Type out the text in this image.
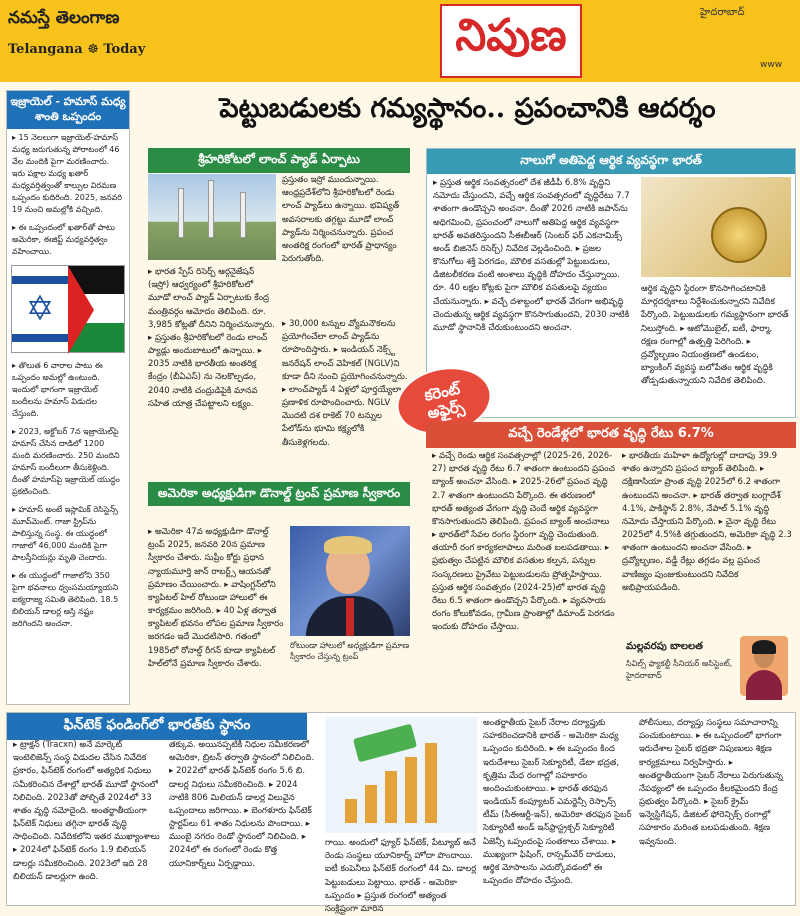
నమస్తే తెలంగాణ
Telangana ☸ Today	నిపుణ	హైదరాబాద్
www
ఇజ్రాయెల్ - హమాస్ మధ్య శాంతి ఒప్పందం

▸ 15 నెలలుగా ఇజ్రాయెల్-హమాస్ మధ్య జరుగుతున్న పోరాటంలో 46 వేల మందికి పైగా మరణించారు. ఇరు పక్షాల మధ్య ఖతార్ మధ్యవర్తిత్వంతో కాల్పుల విరమణ ఒప్పందం కుదిరింది. 2025, జనవరి 19 నుంచి అమల్లోకి వచ్చింది.

▸ ఈ ఒప్పందంలో ఖతార్‌తో పాటు అమెరికా, ఈజిప్ట్ మధ్యవర్తిత్వం వహించాయి.

✡

▸ తొలుత 6 వారాల పాటు ఈ ఒప్పందం అమల్లో ఉంటుంది. ఇందులో భాగంగా ఇజ్రాయెల్ బందీలను హమాస్ విడుదల చేస్తుంది.

▸ 2023, అక్టోబర్ 7న ఇజ్రాయెల్‌పై హమాస్ చేసిన దాడిలో 1200 మంది మరణించారు. 250 మందిని హమాస్ బందీలుగా తీసుకెళ్లింది. దీంతో హమాస్‌పై ఇజ్రాయెల్ యుద్ధం ప్రకటించింది.

▸ హమాస్ అంటే ఇస్లామిక్ రెసిస్టెన్స్ మూవ్‌మెంట్. గాజా స్ట్రిప్‌ను పాలిస్తున్న సంస్థ. ఈ యుద్ధంలో గాజాలో 46,000 మందికి పైగా పాలస్తీనియన్లు మృతి చెందారు.

▸ ఈ యుద్ధంలో గాజాలోని 350 పైగా భవనాలు ధ్వంసమయ్యాయని ఐక్యరాజ్య సమితి తెలిపింది. 18.5 బిలియన్ డాలర్ల ఆస్తి నష్టం జరిగిందని అంచనా.

పెట్టుబడులకు గమ్యస్థానం.. ప్రపంచానికి ఆదర్శం
శ్రీహరికోటలో లాంచ్ ప్యాడ్ ఏర్పాటు
ప్రస్తుతం ఇస్రో ముందున్నాయి. ఆంధ్రప్రదేశ్‌లోని శ్రీహరికోటలో రెండు లాంచ్ ప్యాడ్‌లు ఉన్నాయి. భవిష్యత్ అవసరాలకు తగ్గట్టు మూడో లాంచ్ ప్యాడ్‌ను నిర్మించనున్నారు. ప్రపంచ అంతరిక్ష రంగంలో భారత్ ప్రాధాన్యం పెరుగుతోంది.
▸ భారత స్పేస్ రిసెర్చ్ ఆర్గనైజేషన్ (ఇస్రో) ఆధ్వర్యంలో శ్రీహరికోటలో మూడో లాంచ్ ప్యాడ్ ఏర్పాటుకు కేంద్ర మంత్రివర్గం ఆమోదం తెలిపింది. రూ. 3,985 కోట్లతో దీనిని నిర్మించనున్నారు. ▸ ప్రస్తుతం శ్రీహరికోటలో రెండు లాంచ్ ప్యాడ్లు అందుబాటులో ఉన్నాయి. ▸ 2035 నాటికి భారతీయ అంతరిక్ష కేంద్రం (బీఏఎస్) ను నెలకొల్పడం, 2040 నాటికి చంద్రుడిపైకి మానవ సహిత యాత్ర చేపట్టాలని లక్ష్యం.
▸ 30,000 టన్నుల వ్యోమనౌకలను ప్రయోగించేలా లాంచ్ ప్యాడ్‌ను రూపొందిస్తారు. ▸ ఇండియన్ నెక్స్ట్ జనరేషన్ లాంచ్ వెహికల్ (NGLV)ని కూడా దీని నుంచి ప్రయోగించనున్నారు. ▸ లాంచ్‌ప్యాడ్ 4 ఏళ్లలో పూర్తయ్యేలా ప్రణాళిక రూపొందించారు. NGLV మొదటి దశ రాకెట్ 70 టన్నుల పేలోడ్‌ను భూమి కక్ష్యలోకి తీసుకెళ్లగలదు.
అమెరికా అధ్యక్షుడిగా డొనాల్డ్ ట్రంప్ ప్రమాణ స్వీకారం
▸ అమెరికా 47వ అధ్యక్షుడిగా డొనాల్డ్ ట్రంప్ 2025, జనవరి 20న ప్రమాణ స్వీకారం చేశారు. సుప్రీం కోర్టు ప్రధాన న్యాయమూర్తి జాన్ రాబర్ట్స్ ఆయనతో ప్రమాణం చేయించారు. ▸ వాషింగ్టన్‌లోని క్యాపిటల్ హిల్ రోటుండా హాలులో ఈ కార్యక్రమం జరిగింది. ▸ 40 ఏళ్ల తర్వాత క్యాపిటల్ భవనం లోపల ప్రమాణ స్వీకారం జరగడం ఇదే మొదటిసారి. గతంలో 1985లో రోనాల్డ్ రీగన్ కూడా క్యాపిటల్ హిల్‌లోనే ప్రమాణ స్వీకారం చేశారు.
రోటుండా హాలులో అధ్యక్షుడిగా ప్రమాణ స్వీకారం చేస్తున్న ట్రంప్
నాలుగో అతిపెద్ద ఆర్థిక వ్యవస్థగా భారత్
▸ ప్రస్తుత ఆర్థిక సంవత్సరంలో దేశ జీడీపీ 6.8% వృద్ధిని నమోదు చేస్తుందని, వచ్చే ఆర్థిక సంవత్సరంలో వృద్ధిరేటు 7.7 శాతంగా ఉండొచ్చని అంచనా. దీంతో 2026 నాటికి జపాన్‌ను అధిగమించి, ప్రపంచంలో నాలుగో అతిపెద్ద ఆర్థిక వ్యవస్థగా భారత్ అవతరిస్తుందని సీఈబీఆర్ (సెంటర్ ఫర్ ఎకనామిక్స్ అండ్ బిజినెస్ రిసెర్చ్) నివేదిక వెల్లడించింది. ▸ ప్రజల కొనుగోలు శక్తి పెరగడం, మౌలిక వసతుల్లో పెట్టుబడులు, డిజిటలీకరణ వంటి అంశాలు వృద్ధికి దోహదం చేస్తున్నాయి. రూ. 40 లక్షల కోట్లకు పైగా మౌలిక వసతులపై వ్యయం చేయనున్నారు. ▸ వచ్చే దశాబ్దంలో భారత్ వేగంగా అభివృద్ధి చెందుతున్న ఆర్థిక వ్యవస్థగా కొనసాగుతుందని, 2030 నాటికి మూడో స్థానానికి చేరుకుంటుందని అంచనా.
ఆర్థిక వృద్ధిని స్థిరంగా కొనసాగించటానికి మార్గదర్శకాలు నిర్దేశించుకున్నారని నివేదిక పేర్కొంది. పెట్టుబడులకు గమ్యస్థానంగా భారత్ నిలుస్తోంది. ▸ ఆటోమొబైల్, ఐటీ, ఫార్మా, రక్షణ రంగాల్లో ఉత్పత్తి పెరిగింది. ▸ ద్రవ్యోల్బణం నియంత్రణలో ఉండటం, బ్యాంకింగ్ వ్యవస్థ బలోపేతం ఆర్థిక వృద్ధికి తోడ్పడుతున్నాయని నివేదిక తెలిపింది.
కరెంట్
అఫైర్స్
వచ్చే రెండేళ్లలో భారత వృద్ధి రేటు 6.7%
▸ వచ్చే రెండు ఆర్థిక సంవత్సరాల్లో (2025-26, 2026-27) భారత వృద్ధి రేటు 6.7 శాతంగా ఉంటుందని ప్రపంచ బ్యాంక్ అంచనా వేసింది. ▸ 2025-26లో ప్రపంచ వృద్ధి 2.7 శాతంగా ఉంటుందని పేర్కొంది. ఈ తరుణంలో భారత్ అత్యంత వేగంగా వృద్ధి చెందే ఆర్థిక వ్యవస్థగా కొనసాగుతుందని తెలిపింది. ప్రపంచ బ్యాంక్ అంచనాలు ▸ భారత్‌లో సేవల రంగం స్థిరంగా వృద్ధి చెందుతుంది. తయారీ రంగ కార్యకలాపాలు మరింత బలపడతాయి. ▸ ప్రభుత్వం చేపట్టిన మౌలిక వసతుల కల్పన, పన్నుల సంస్కరణలు ప్రైవేటు పెట్టుబడులను ప్రోత్సహిస్తాయి. ప్రస్తుత ఆర్థిక సంవత్సరం (2024-25)లో భారత వృద్ధి రేటు 6.5 శాతంగా ఉండొచ్చని పేర్కొంది. ▸ వ్యవసాయ రంగం కోలుకోవడం, గ్రామీణ ప్రాంతాల్లో డిమాండ్ పెరగడం ఇందుకు దోహదం చేస్తాయి.
▸ భారతీయ మహిళా ఉద్యోగుల్లో దాదాపు 39.9 శాతం ఉన్నారని ప్రపంచ బ్యాంక్ తెలిపింది. ▸ దక్షిణాసియా ప్రాంత వృద్ధి 2025లో 6.2 శాతంగా ఉంటుందని అంచనా. ▸ భారత్ తర్వాత బంగ్లాదేశ్ 4.1%, పాకిస్థాన్ 2.8%, నేపాల్ 5.1% వృద్ధి నమోదు చేస్తాయని పేర్కొంది. ▸ చైనా వృద్ధి రేటు 2025లో 4.5%కి తగ్గుతుందని, అమెరికా వృద్ధి 2.3 శాతంగా ఉంటుందని అంచనా వేసింది. ▸ ద్రవ్యోల్బణం, వడ్డీ రేట్లు తగ్గడం వల్ల ప్రపంచ వాణిజ్యం పుంజుకుంటుందని నివేదిక అభిప్రాయపడింది.
మల్లవరపు బాలలత
సివిల్స్ ఫ్యాకల్టీ సీనియర్ అసిస్టెంట్, హైదరాబాద్
ఫిన్‌టెక్ ఫండింగ్‌లో భారత్‌కు స్థానం
▸ ట్రాక్షన్ (Tracxn) అనే మార్కెట్ ఇంటెలిజెన్స్ సంస్థ విడుదల చేసిన నివేదిక ప్రకారం, ఫిన్‌టెక్ రంగంలో అత్యధిక నిధులు సమీకరించిన దేశాల్లో భారత్ మూడో స్థానంలో నిలిచింది. 2023తో పోల్చితే 2024లో 33 శాతం వృద్ధి నమోదైంది. అంతర్జాతీయంగా ఫిన్‌టెక్ నిధులు తగ్గినా భారత్ వృద్ధి సాధించింది. నివేదికలోని ఇతర ముఖ్యాంశాలు ▸ 2024లో ఫిన్‌టెక్ రంగం 1.9 బిలియన్ డాలర్లు సమీకరించింది. 2023లో ఇది 28 బిలియన్ డాలర్లుగా ఉంది.
తక్కువ. అయినప్పటికీ నిధుల సమీకరణలో అమెరికా, బ్రిటన్ తర్వాతి స్థానంలో నిలిచింది. ▸ 2022లో భారత్ ఫిన్‌టెక్ రంగం 5.6 బి. డాలర్ల నిధులు సమీకరించింది. ▸ 2024 నాటికి 806 మిలియన్ డాలర్ల విలువైన ఒప్పందాలు జరిగాయి. ▸ బెంగళూరు ఫిన్‌టెక్ స్టార్టప్‌లు 61 శాతం నిధులను పొందాయి. ▸ ముంబై నగరం రెండో స్థానంలో నిలిచింది. ▸ 2024లో ఈ రంగంలో రెండు కొత్త యూనికార్న్‌లు ఏర్పడ్డాయి.
గాయి. అందులో ఫ్యూర్ ఫిన్‌టెక్, పేట్యూబ్ అనే రెండు సంస్థలు యూనికార్న్ హోదా పొందాయి. ఐటీ కంపెనీలు ఫిన్‌టెక్ రంగంలో 44 మి. డాలర్ల పెట్టుబడులు పెట్టాయి. భారత్ - అమెరికా ఒప్పందం ▸ ప్రస్తుత రంగంలో అత్యంత సంక్లిష్టంగా మారిన
అంతర్జాతీయ సైబర్ నేరాల దర్యాప్తుకు సహకరించడానికి భారత్ - అమెరికా మధ్య ఒప్పందం కుదిరింది. ▸ ఈ ఒప్పందం కింద ఇరుదేశాలు సైబర్ సెక్యూరిటీ, డేటా భద్రత, కృత్రిమ మేధ రంగాల్లో సహకారం అందించుకుంటాయి. ▸ భారత్ తరఫున ఇండియన్ కంప్యూటర్ ఎమర్జెన్సీ రెస్పాన్స్ టీమ్ (సీఈఆర్టీ-ఇన్), అమెరికా తరఫున సైబర్ సెక్యూరిటీ అండ్ ఇన్‌ఫ్రాస్ట్రక్చర్ సెక్యూరిటీ ఏజెన్సీ ఒప్పందంపై సంతకాలు చేశాయి. ▸ ముఖ్యంగా ఫిషింగ్, రాన్సమ్‌వేర్ దాడులు, ఆర్థిక మోసాలను ఎదుర్కోవడంలో ఈ ఒప్పందం దోహదం చేస్తుంది.
పోలీసులు, దర్యాప్తు సంస్థలు సమాచారాన్ని పంచుకుంటాయి. ▸ ఈ ఒప్పందంలో భాగంగా ఇరుదేశాల సైబర్ భద్రతా నిపుణులు శిక్షణ కార్యక్రమాలు నిర్వహిస్తారు. ▸ అంతర్జాతీయంగా సైబర్ నేరాలు పెరుగుతున్న నేపథ్యంలో ఈ ఒప్పందం కీలకమైందని కేంద్ర ప్రభుత్వం పేర్కొంది. ▸ సైబర్ క్రైమ్ ఇన్వెస్టిగేషన్, డిజిటల్ ఫోరెన్సిక్స్ రంగాల్లో సహకారం మరింత బలపడుతుంది. శిక్షణ ఇవ్వనుంది.
